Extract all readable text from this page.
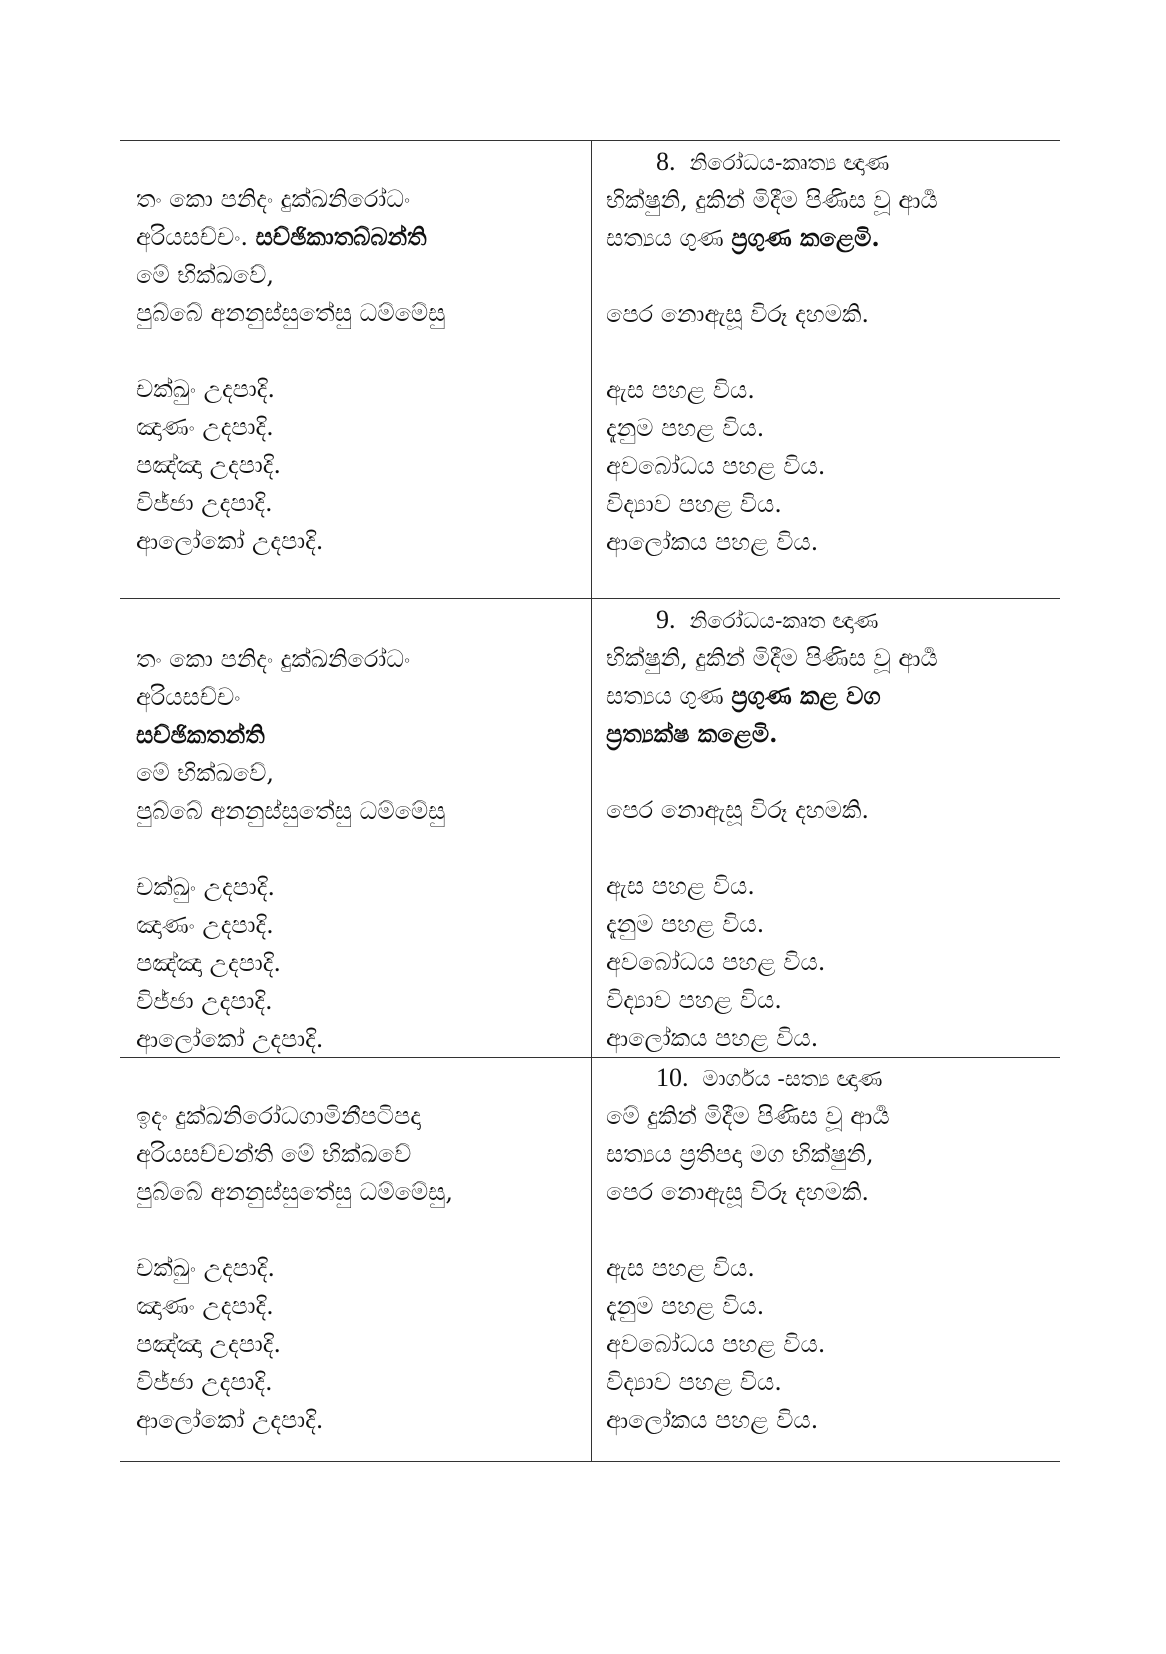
තං කො පනිදං දුක්ඛනිරෝධං
අරියසච්චං. සච්ඡිකාතබ්බන්ති
මේ භික්ඛවේ,
පුබ්බේ අනනුස්සුතේසු ධම්මේසු
චක්ඛුං උදපාදි.
ඤාණං උදපාදි.
පඤ්ඤා උදපාදි.
විජ්ජා උදපාදි.
ආලෝකෝ උදපාදි.
8. නිරෝධය-කෘත්‍ය ඥාණ
භික්ෂුනි, දුකින් මිදීම පිණිස වූ ආර්‍ය
සත්‍යය ගුණ ප්‍රගුණ කළෙමි.
පෙර නොඇසූ විරූ දහමකි.
ඇස පහළ විය.
දැනුම පහළ විය.
අවබෝධය පහළ විය.
විද්‍යාව පහළ විය.
ආලෝකය පහළ විය.
තං කො පනිදං දුක්ඛනිරෝධං
අරියසච්චං
සච්ඡිකතන්ති
මේ භික්ඛවේ,
පුබ්බේ අනනුස්සුතේසු ධම්මේසු
චක්ඛුං උදපාදි.
ඤාණං උදපාදි.
පඤ්ඤා උදපාදි.
විජ්ජා උදපාදි.
ආලෝකෝ උදපාදි.
9. නිරෝධය-කෘත ඥාණ
භික්ෂුනි, දුකින් මිදීම පිණිස වූ ආර්‍ය
සත්‍යය ගුණ ප්‍රගුණ කළ වග
ප්‍රත්‍යක්ෂ කළෙමි.
පෙර නොඇසූ විරූ දහමකි.
ඇස පහළ විය.
දැනුම පහළ විය.
අවබෝධය පහළ විය.
විද්‍යාව පහළ විය.
ආලෝකය පහළ විය.
ඉදං දුක්ඛනිරෝධගාමිනීපටිපදා
අරියසච්චන්ති මේ භික්ඛවේ
පුබ්බේ අනනුස්සුතේසු ධම්මේසු,
චක්ඛුං උදපාදි.
ඤාණං උදපාදි.
පඤ්ඤා උදපාදි.
විජ්ජා උදපාදි.
ආලෝකෝ උදපාදි.
10. මාර්ගය -සත්‍ය ඥාණ
මේ දුකින් මිදීම පිණිස වූ ආර්‍ය
සත්‍යය ප්‍රතිපදා මග භික්ෂුනි,
පෙර නොඇසූ විරූ දහමකි.
ඇස පහළ විය.
දැනුම පහළ විය.
අවබෝධය පහළ විය.
විද්‍යාව පහළ විය.
ආලෝකය පහළ විය.
